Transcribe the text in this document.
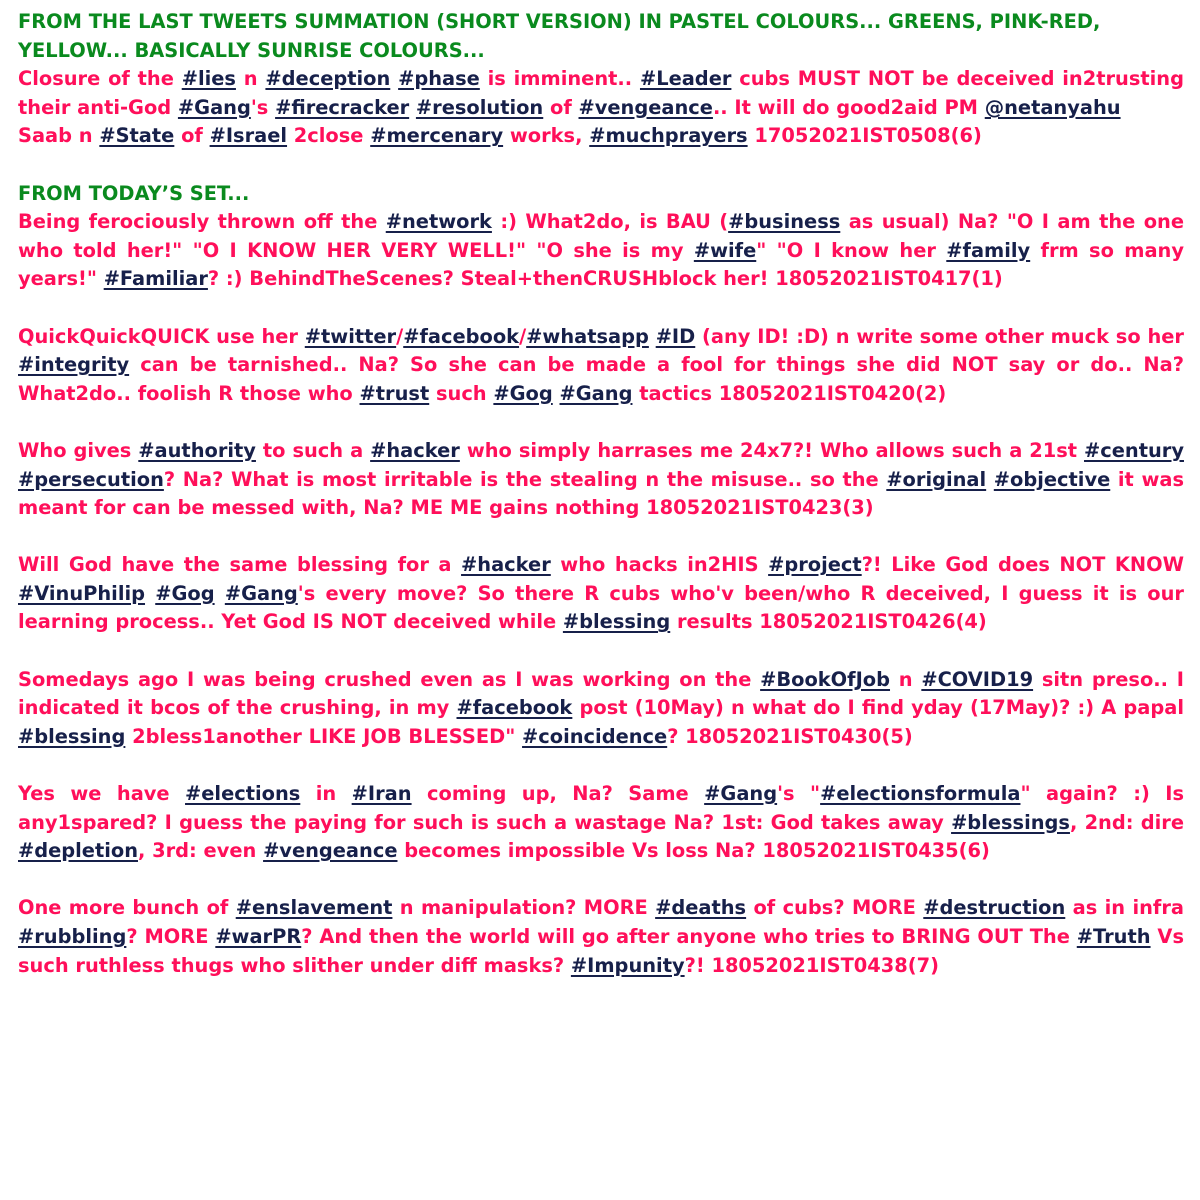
FROM THE LAST TWEETS SUMMATION (SHORT VERSION) IN PASTEL COLOURS... GREENS, PINK-RED, YELLOW... BASICALLY SUNRISE COLOURS...

Closure of the #lies n #deception #phase is imminent.. #Leader cubs MUST NOT be deceived in2trusting their anti-God #Gang's #firecracker #resolution of #vengeance.. It will do good2aid PM @netanyahu

Saab n #State of #Israel 2close #mercenary works, #muchprayers 17052021IST0508(6)

FROM TODAY’S SET...

Being ferociously thrown off the #network :) What2do, is BAU (#business as usual) Na? "O I am the one who told her!" "O I KNOW HER VERY WELL!" "O she is my #wife" "O I know her #family frm so many years!" #Familiar? :) BehindTheScenes? Steal+thenCRUSHblock her! 18052021IST0417(1)

QuickQuickQUICK use her #twitter/#facebook/#whatsapp #ID (any ID! :D) n write some other muck so her #integrity can be tarnished.. Na? So she can be made a fool for things she did NOT say or do.. Na? What2do.. foolish R those who #trust such #Gog #Gang tactics 18052021IST0420(2)

Who gives #authority to such a #hacker who simply harrases me 24x7?! Who allows such a 21st #century #persecution? Na? What is most irritable is the stealing n the misuse.. so the #original #objective it was meant for can be messed with, Na? ME ME gains nothing 18052021IST0423(3)

Will God have the same blessing for a #hacker who hacks in2HIS #project?! Like God does NOT KNOW #VinuPhilip #Gog #Gang's every move? So there R cubs who'v been/who R deceived, I guess it is our learning process.. Yet God IS NOT deceived while #blessing results 18052021IST0426(4)

Somedays ago I was being crushed even as I was working on the #BookOfJob n #COVID19 sitn preso.. I indicated it bcos of the crushing, in my #facebook post (10May) n what do I find yday (17May)? :) A papal #blessing 2bless1another LIKE JOB BLESSED" #coincidence? 18052021IST0430(5)

Yes we have #elections in #Iran coming up, Na? Same #Gang's "#electionsformula" again? :) Is any1spared? I guess the paying for such is such a wastage Na? 1st: God takes away #blessings, 2nd: dire #depletion, 3rd: even #vengeance becomes impossible Vs loss Na? 18052021IST0435(6)

One more bunch of #enslavement n manipulation? MORE #deaths of cubs? MORE #destruction as in infra #rubbling? MORE #warPR? And then the world will go after anyone who tries to BRING OUT The #Truth Vs such ruthless thugs who slither under diff masks? #Impunity?! 18052021IST0438(7)
